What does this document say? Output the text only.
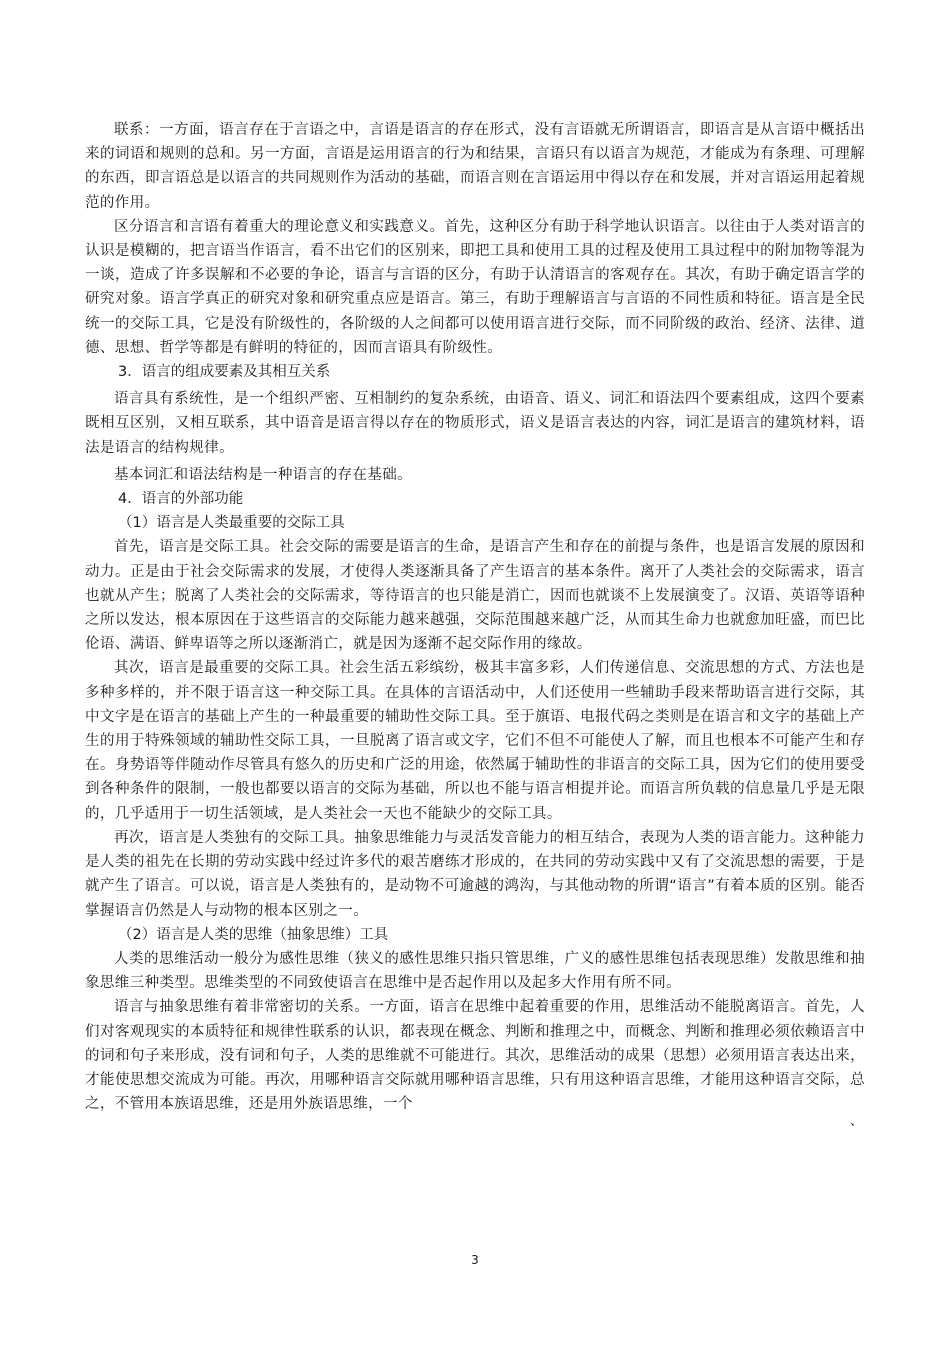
联系：一方面，语言存在于言语之中，言语是语言的存在形式，没有言语就无所谓语言，即语言是从言语中概括出来的词语和规则的总和。另一方面，言语是运用语言的行为和结果，言语只有以语言为规范，才能成为有条理、可理解的东西，即言语总是以语言的共同规则作为活动的基础，而语言则在言语运用中得以存在和发展，并对言语运用起着规范的作用。

区分语言和言语有着重大的理论意义和实践意义。首先，这种区分有助于科学地认识语言。以往由于人类对语言的认识是模糊的，把言语当作语言，看不出它们的区别来，即把工具和使用工具的过程及使用工具过程中的附加物等混为一谈，造成了许多误解和不必要的争论，语言与言语的区分，有助于认清语言的客观存在。其次，有助于确定语言学的研究对象。语言学真正的研究对象和研究重点应是语言。第三，有助于理解语言与言语的不同性质和特征。语言是全民统一的交际工具，它是没有阶级性的，各阶级的人之间都可以使用语言进行交际，而不同阶级的政治、经济、法律、道德、思想、哲学等都是有鲜明的特征的，因而言语具有阶级性。

3．语言的组成要素及其相互关系

语言具有系统性，是一个组织严密、互相制约的复杂系统，由语音、语义、词汇和语法四个要素组成，这四个要素既相互区别，又相互联系，其中语音是语言得以存在的物质形式，语义是语言表达的内容，词汇是语言的建筑材料，语法是语言的结构规律。

基本词汇和语法结构是一种语言的存在基础。

4．语言的外部功能

（1）语言是人类最重要的交际工具

首先，语言是交际工具。社会交际的需要是语言的生命，是语言产生和存在的前提与条件，也是语言发展的原因和动力。正是由于社会交际需求的发展，才使得人类逐渐具备了产生语言的基本条件。离开了人类社会的交际需求，语言也就从产生；脱离了人类社会的交际需求，等待语言的也只能是消亡，因而也就谈不上发展演变了。汉语、英语等语种之所以发达，根本原因在于这些语言的交际能力越来越强，交际范围越来越广泛，从而其生命力也就愈加旺盛，而巴比伦语、满语、鲜卑语等之所以逐渐消亡，就是因为逐渐不起交际作用的缘故。

其次，语言是最重要的交际工具。社会生活五彩缤纷，极其丰富多彩，人们传递信息、交流思想的方式、方法也是多种多样的，并不限于语言这一种交际工具。在具体的言语活动中，人们还使用一些辅助手段来帮助语言进行交际，其中文字是在语言的基础上产生的一种最重要的辅助性交际工具。至于旗语、电报代码之类则是在语言和文字的基础上产生的用于特殊领域的辅助性交际工具，一旦脱离了语言或文字，它们不但不可能使人了解，而且也根本不可能产生和存在。身势语等伴随动作尽管具有悠久的历史和广泛的用途，依然属于辅助性的非语言的交际工具，因为它们的使用要受到各种条件的限制，一般也都要以语言的交际为基础，所以也不能与语言相提并论。而语言所负载的信息量几乎是无限的，几乎适用于一切生活领域，是人类社会一天也不能缺少的交际工具。

再次，语言是人类独有的交际工具。抽象思维能力与灵活发音能力的相互结合，表现为人类的语言能力。这种能力是人类的祖先在长期的劳动实践中经过许多代的艰苦磨练才形成的，在共同的劳动实践中又有了交流思想的需要，于是就产生了语言。可以说，语言是人类独有的，是动物不可逾越的鸿沟，与其他动物的所谓“语言”有着本质的区别。能否掌握语言仍然是人与动物的根本区别之一。

（2）语言是人类的思维（抽象思维）工具

人类的思维活动一般分为感性思维（狭义的感性思维只指只管思维，广义的感性思维包括表现思维）发散思维和抽象思维三种类型。思维类型的不同致使语言在思维中是否起作用以及起多大作用有所不同。

语言与抽象思维有着非常密切的关系。一方面，语言在思维中起着重要的作用，思维活动不能脱离语言。首先，人们对客观现实的本质特征和规律性联系的认识，都表现在概念、判断和推理之中，而概念、判断和推理必须依赖语言中的词和句子来形成，没有词和句子，人类的思维就不可能进行。其次，思维活动的成果（思想）必须用语言表达出来，才能使思想交流成为可能。再次，用哪种语言交际就用哪种语言思维，只有用这种语言思维，才能用这种语言交际，总之，不管用本族语思维，还是用外族语思维，一个

、
3
